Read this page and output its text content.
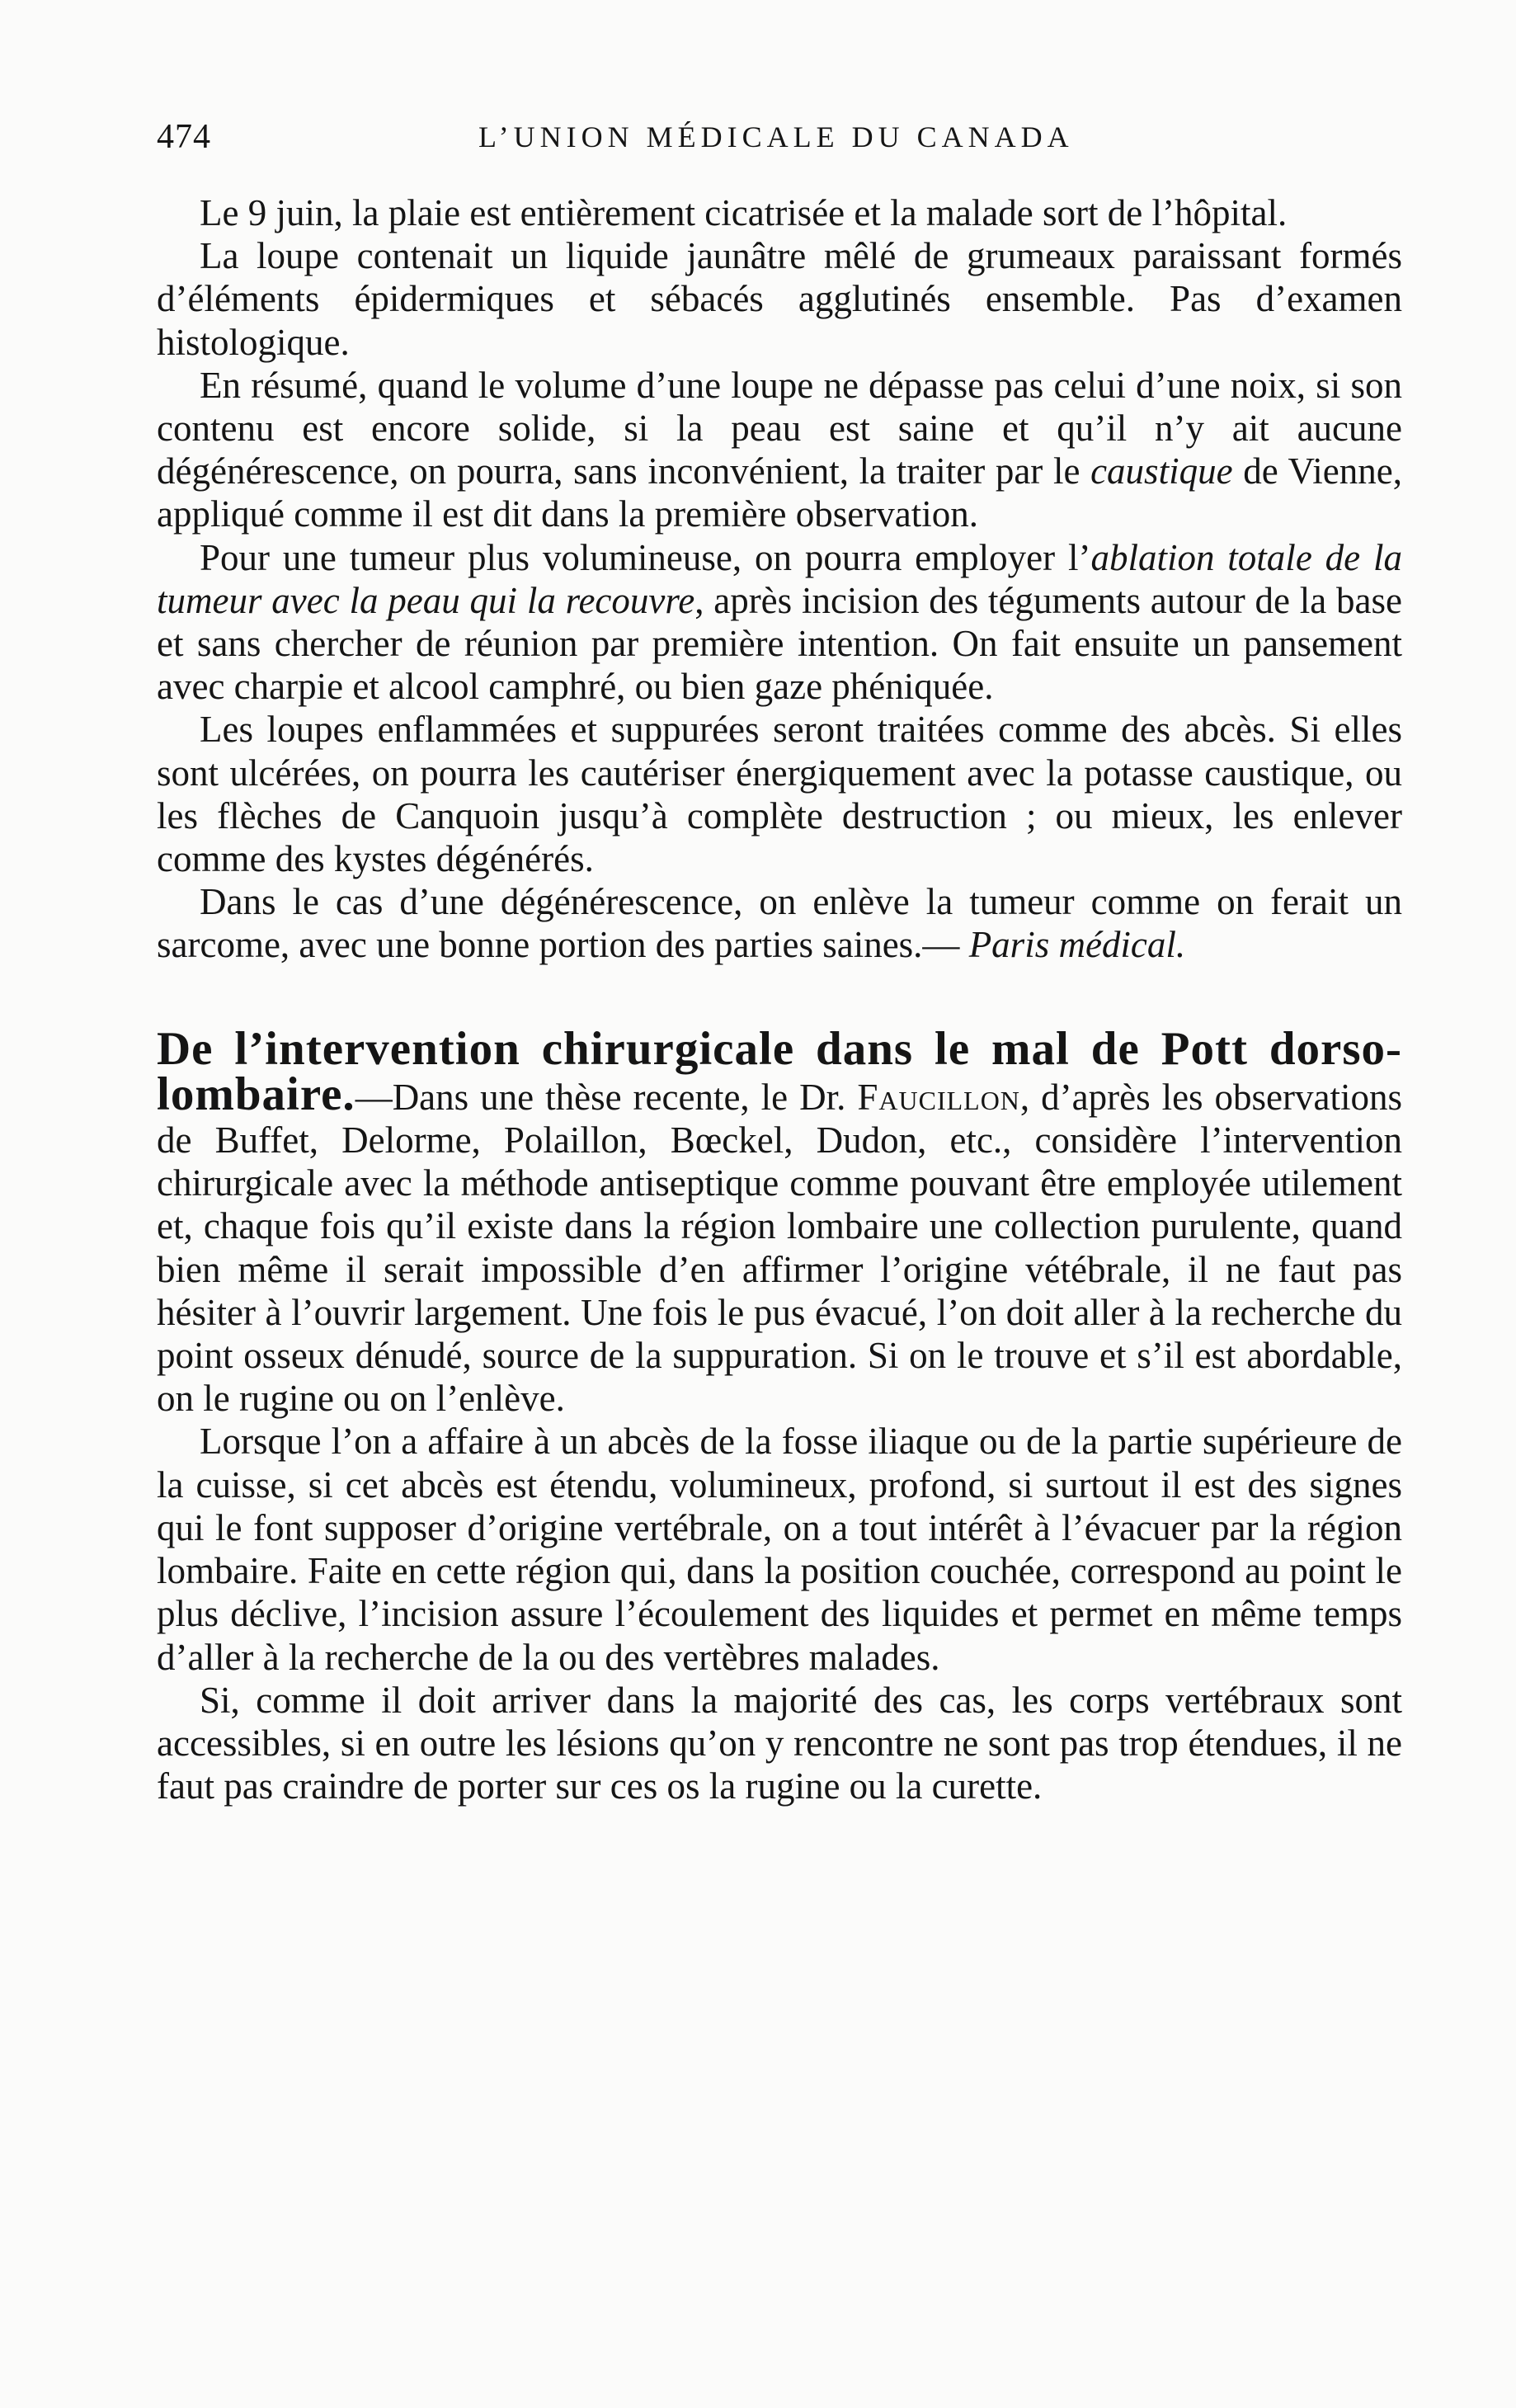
474	L’UNION MÉDICALE DU CANADA

Le 9 juin, la plaie est entièrement cicatrisée et la malade sort de l’hôpital.

La loupe contenait un liquide jaunâtre mêlé de grumeaux paraissant formés d’éléments épidermiques et sébacés agglutinés ensemble. Pas d’examen histologique.

En résumé, quand le volume d’une loupe ne dépasse pas celui d’une noix, si son contenu est encore solide, si la peau est saine et qu’il n’y ait aucune dégénérescence, on pourra, sans inconvénient, la traiter par le caustique de Vienne, appliqué comme il est dit dans la première observation.

Pour une tumeur plus volumineuse, on pourra employer l’ablation totale de la tumeur avec la peau qui la recouvre, après incision des téguments autour de la base et sans chercher de réunion par première intention. On fait ensuite un pansement avec charpie et alcool camphré, ou bien gaze phéniquée.

Les loupes enflammées et suppurées seront traitées comme des abcès. Si elles sont ulcérées, on pourra les cautériser énergiquement avec la potasse caustique, ou les flèches de Canquoin jusqu’à complète destruction ; ou mieux, les enlever comme des kystes dégénérés.

Dans le cas d’une dégénérescence, on enlève la tumeur comme on ferait un sarcome, avec une bonne portion des parties saines.— Paris médical.

De l’intervention chirurgicale dans le mal de Pott dorso-lombaire.—Dans une thèse recente, le Dr. Faucillon, d’après les observations de Buffet, Delorme, Polaillon, Bœckel, Dudon, etc., considère l’intervention chirurgicale avec la méthode antiseptique comme pouvant être employée utilement et, chaque fois qu’il existe dans la région lombaire une collection purulente, quand bien même il serait impossible d’en affirmer l’origine vétébrale, il ne faut pas hésiter à l’ouvrir largement. Une fois le pus évacué, l’on doit aller à la recherche du point osseux dénudé, source de la suppuration. Si on le trouve et s’il est abordable, on le rugine ou on l’enlève.

Lorsque l’on a affaire à un abcès de la fosse iliaque ou de la partie supérieure de la cuisse, si cet abcès est étendu, volumineux, profond, si surtout il est des signes qui le font supposer d’origine vertébrale, on a tout intérêt à l’évacuer par la région lombaire. Faite en cette région qui, dans la position couchée, correspond au point le plus déclive, l’incision assure l’écoulement des liquides et permet en même temps d’aller à la recherche de la ou des vertèbres malades.

Si, comme il doit arriver dans la majorité des cas, les corps vertébraux sont accessibles, si en outre les lésions qu’on y rencontre ne sont pas trop étendues, il ne faut pas craindre de porter sur ces os la rugine ou la curette.
